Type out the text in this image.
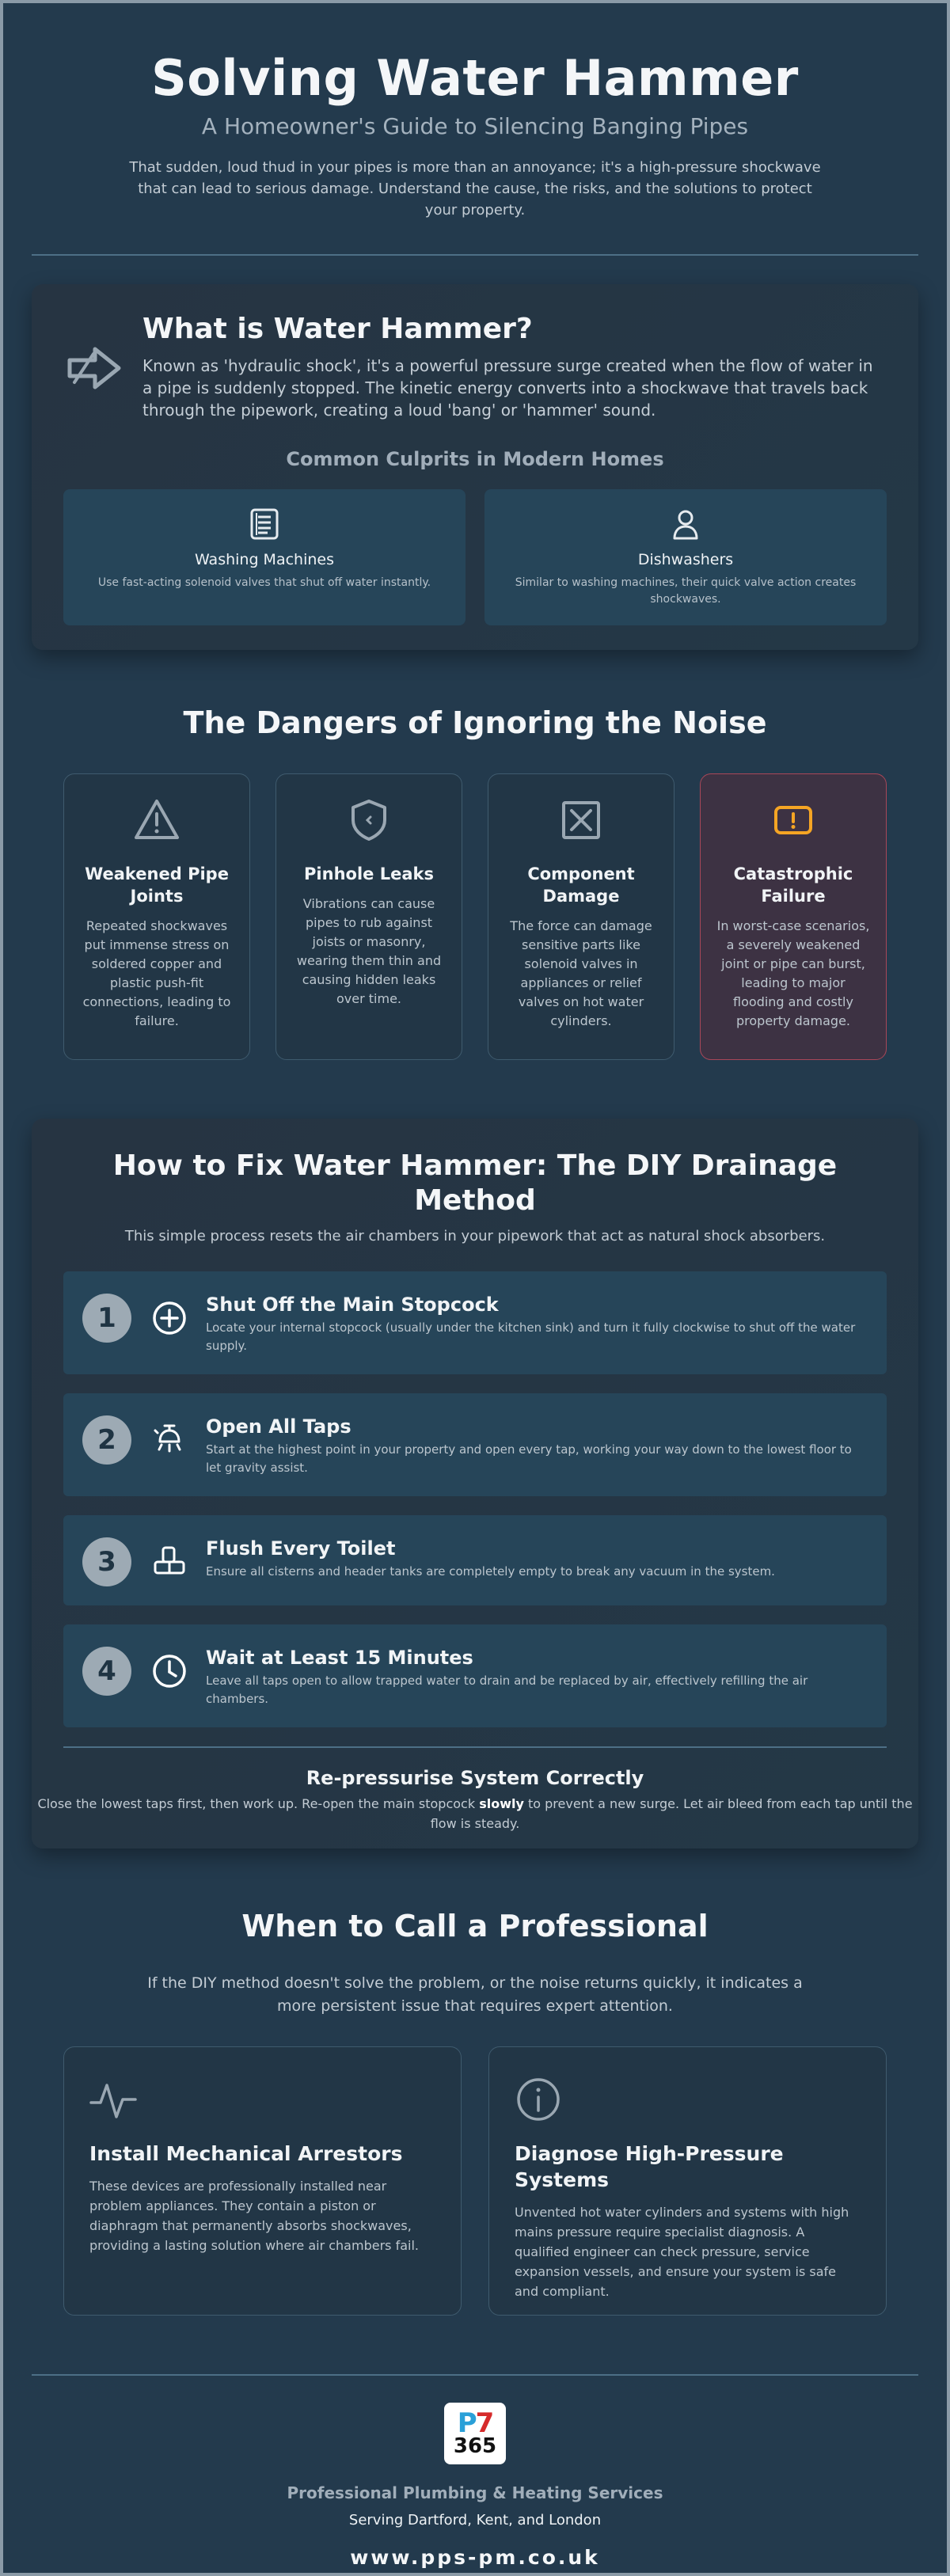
Solving Water Hammer
A Homeowner's Guide to Silencing Banging Pipes

That sudden, loud thud in your pipes is more than an annoyance; it's a high-pressure shockwave that can lead to serious damage. Understand the cause, the risks, and the solutions to protect your property.

What is Water Hammer?

Known as 'hydraulic shock', it's a powerful pressure surge created when the flow of water in a pipe is suddenly stopped. The kinetic energy converts into a shockwave that travels back through the pipework, creating a loud 'bang' or 'hammer' sound.

Common Culprits in Modern Homes
Washing Machines
Use fast-acting solenoid valves that shut off water instantly.
Dishwashers
Similar to washing machines, their quick valve action creates shockwaves.
The Dangers of Ignoring the Noise
Weakened Pipe Joints
Repeated shockwaves put immense stress on soldered copper and plastic push-fit connections, leading to failure.
Pinhole Leaks
Vibrations can cause pipes to rub against joists or masonry, wearing them thin and causing hidden leaks over time.
Component Damage
The force can damage sensitive parts like solenoid valves in appliances or relief valves on hot water cylinders.
Catastrophic Failure
In worst-case scenarios, a severely weakened joint or pipe can burst, leading to major flooding and costly property damage.
How to Fix Water Hammer: The DIY Drainage Method

This simple process resets the air chambers in your pipework that act as natural shock absorbers.

1	Shut Off the Main Stopcock
Locate your internal stopcock (usually under the kitchen sink) and turn it fully clockwise to shut off the water supply.
2	Open All Taps
Start at the highest point in your property and open every tap, working your way down to the lowest floor to let gravity assist.
3	Flush Every Toilet
Ensure all cisterns and header tanks are completely empty to break any vacuum in the system.
4	Wait at Least 15 Minutes
Leave all taps open to allow trapped water to drain and be replaced by air, effectively refilling the air chambers.
Re-pressurise System Correctly

Close the lowest taps first, then work up. Re-open the main stopcock slowly to prevent a new surge. Let air bleed from each tap until the flow is steady.

When to Call a Professional

If the DIY method doesn't solve the problem, or the noise returns quickly, it indicates a more persistent issue that requires expert attention.

Install Mechanical Arrestors
These devices are professionally installed near problem appliances. They contain a piston or diaphragm that permanently absorbs shockwaves, providing a lasting solution where air chambers fail.
Diagnose High-Pressure Systems
Unvented hot water cylinders and systems with high mains pressure require specialist diagnosis. A qualified engineer can check pressure, service expansion vessels, and ensure your system is safe and compliant.
P7
365
Professional Plumbing & Heating Services
Serving Dartford, Kent, and London
www.pps-pm.co.uk
